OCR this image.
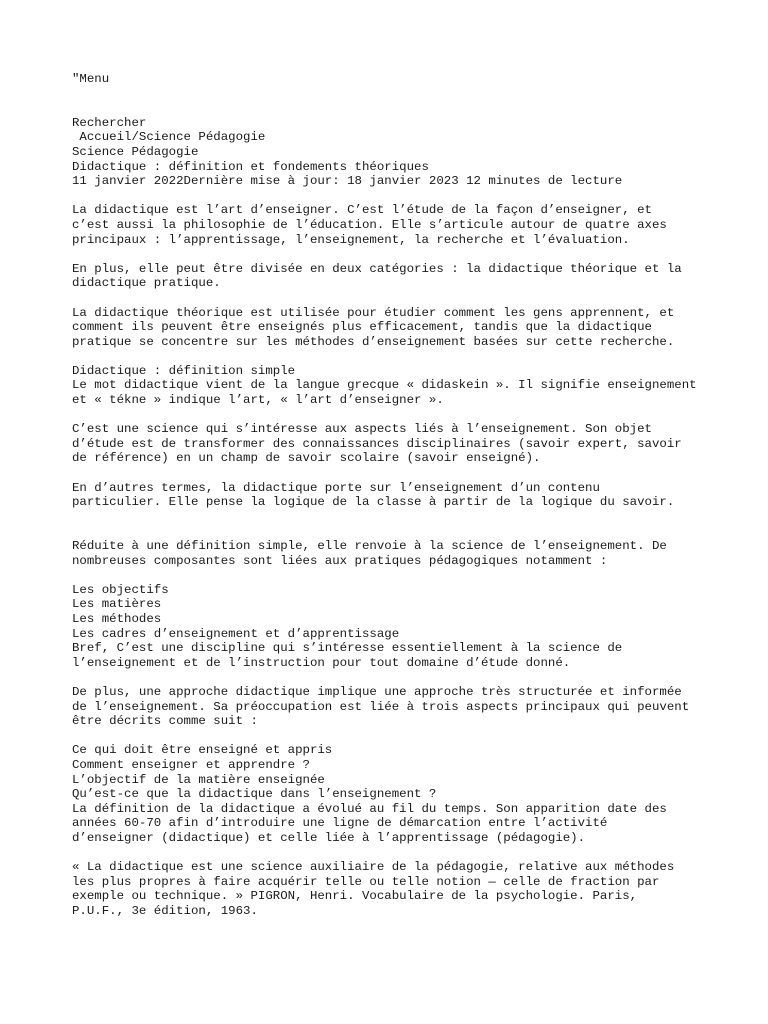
"Menu
Rechercher
Accueil/Science Pédagogie
Science Pédagogie
Didactique : définition et fondements théoriques
11 janvier 2022Dernière mise à jour: 18 janvier 2023 12 minutes de lecture
La didactique est l’art d’enseigner. C’est l’étude de la façon d’enseigner, et
c’est aussi la philosophie de l’éducation. Elle s’articule autour de quatre axes
principaux : l’apprentissage, l’enseignement, la recherche et l’évaluation.
En plus, elle peut être divisée en deux catégories : la didactique théorique et la
didactique pratique.
La didactique théorique est utilisée pour étudier comment les gens apprennent, et
comment ils peuvent être enseignés plus efficacement, tandis que la didactique
pratique se concentre sur les méthodes d’enseignement basées sur cette recherche.
Didactique : définition simple
Le mot didactique vient de la langue grecque « didaskein ». Il signifie enseignement
et « tékne » indique l’art, « l’art d’enseigner ».
C’est une science qui s’intéresse aux aspects liés à l’enseignement. Son objet
d’étude est de transformer des connaissances disciplinaires (savoir expert, savoir
de référence) en un champ de savoir scolaire (savoir enseigné).
En d’autres termes, la didactique porte sur l’enseignement d’un contenu
particulier. Elle pense la logique de la classe à partir de la logique du savoir.
Réduite à une définition simple, elle renvoie à la science de l’enseignement. De
nombreuses composantes sont liées aux pratiques pédagogiques notamment :
Les objectifs
Les matières
Les méthodes
Les cadres d’enseignement et d’apprentissage
Bref, C’est une discipline qui s’intéresse essentiellement à la science de
l’enseignement et de l’instruction pour tout domaine d’étude donné.
De plus, une approche didactique implique une approche très structurée et informée
de l’enseignement. Sa préoccupation est liée à trois aspects principaux qui peuvent
être décrits comme suit :
Ce qui doit être enseigné et appris
Comment enseigner et apprendre ?
L’objectif de la matière enseignée
Qu’est-ce que la didactique dans l’enseignement ?
La définition de la didactique a évolué au fil du temps. Son apparition date des
années 60-70 afin d’introduire une ligne de démarcation entre l’activité
d’enseigner (didactique) et celle liée à l’apprentissage (pédagogie).
« La didactique est une science auxiliaire de la pédagogie, relative aux méthodes
les plus propres à faire acquérir telle ou telle notion — celle de fraction par
exemple ou technique. » PIGRON, Henri. Vocabulaire de la psychologie. Paris,
P.U.F., 3e édition, 1963.
